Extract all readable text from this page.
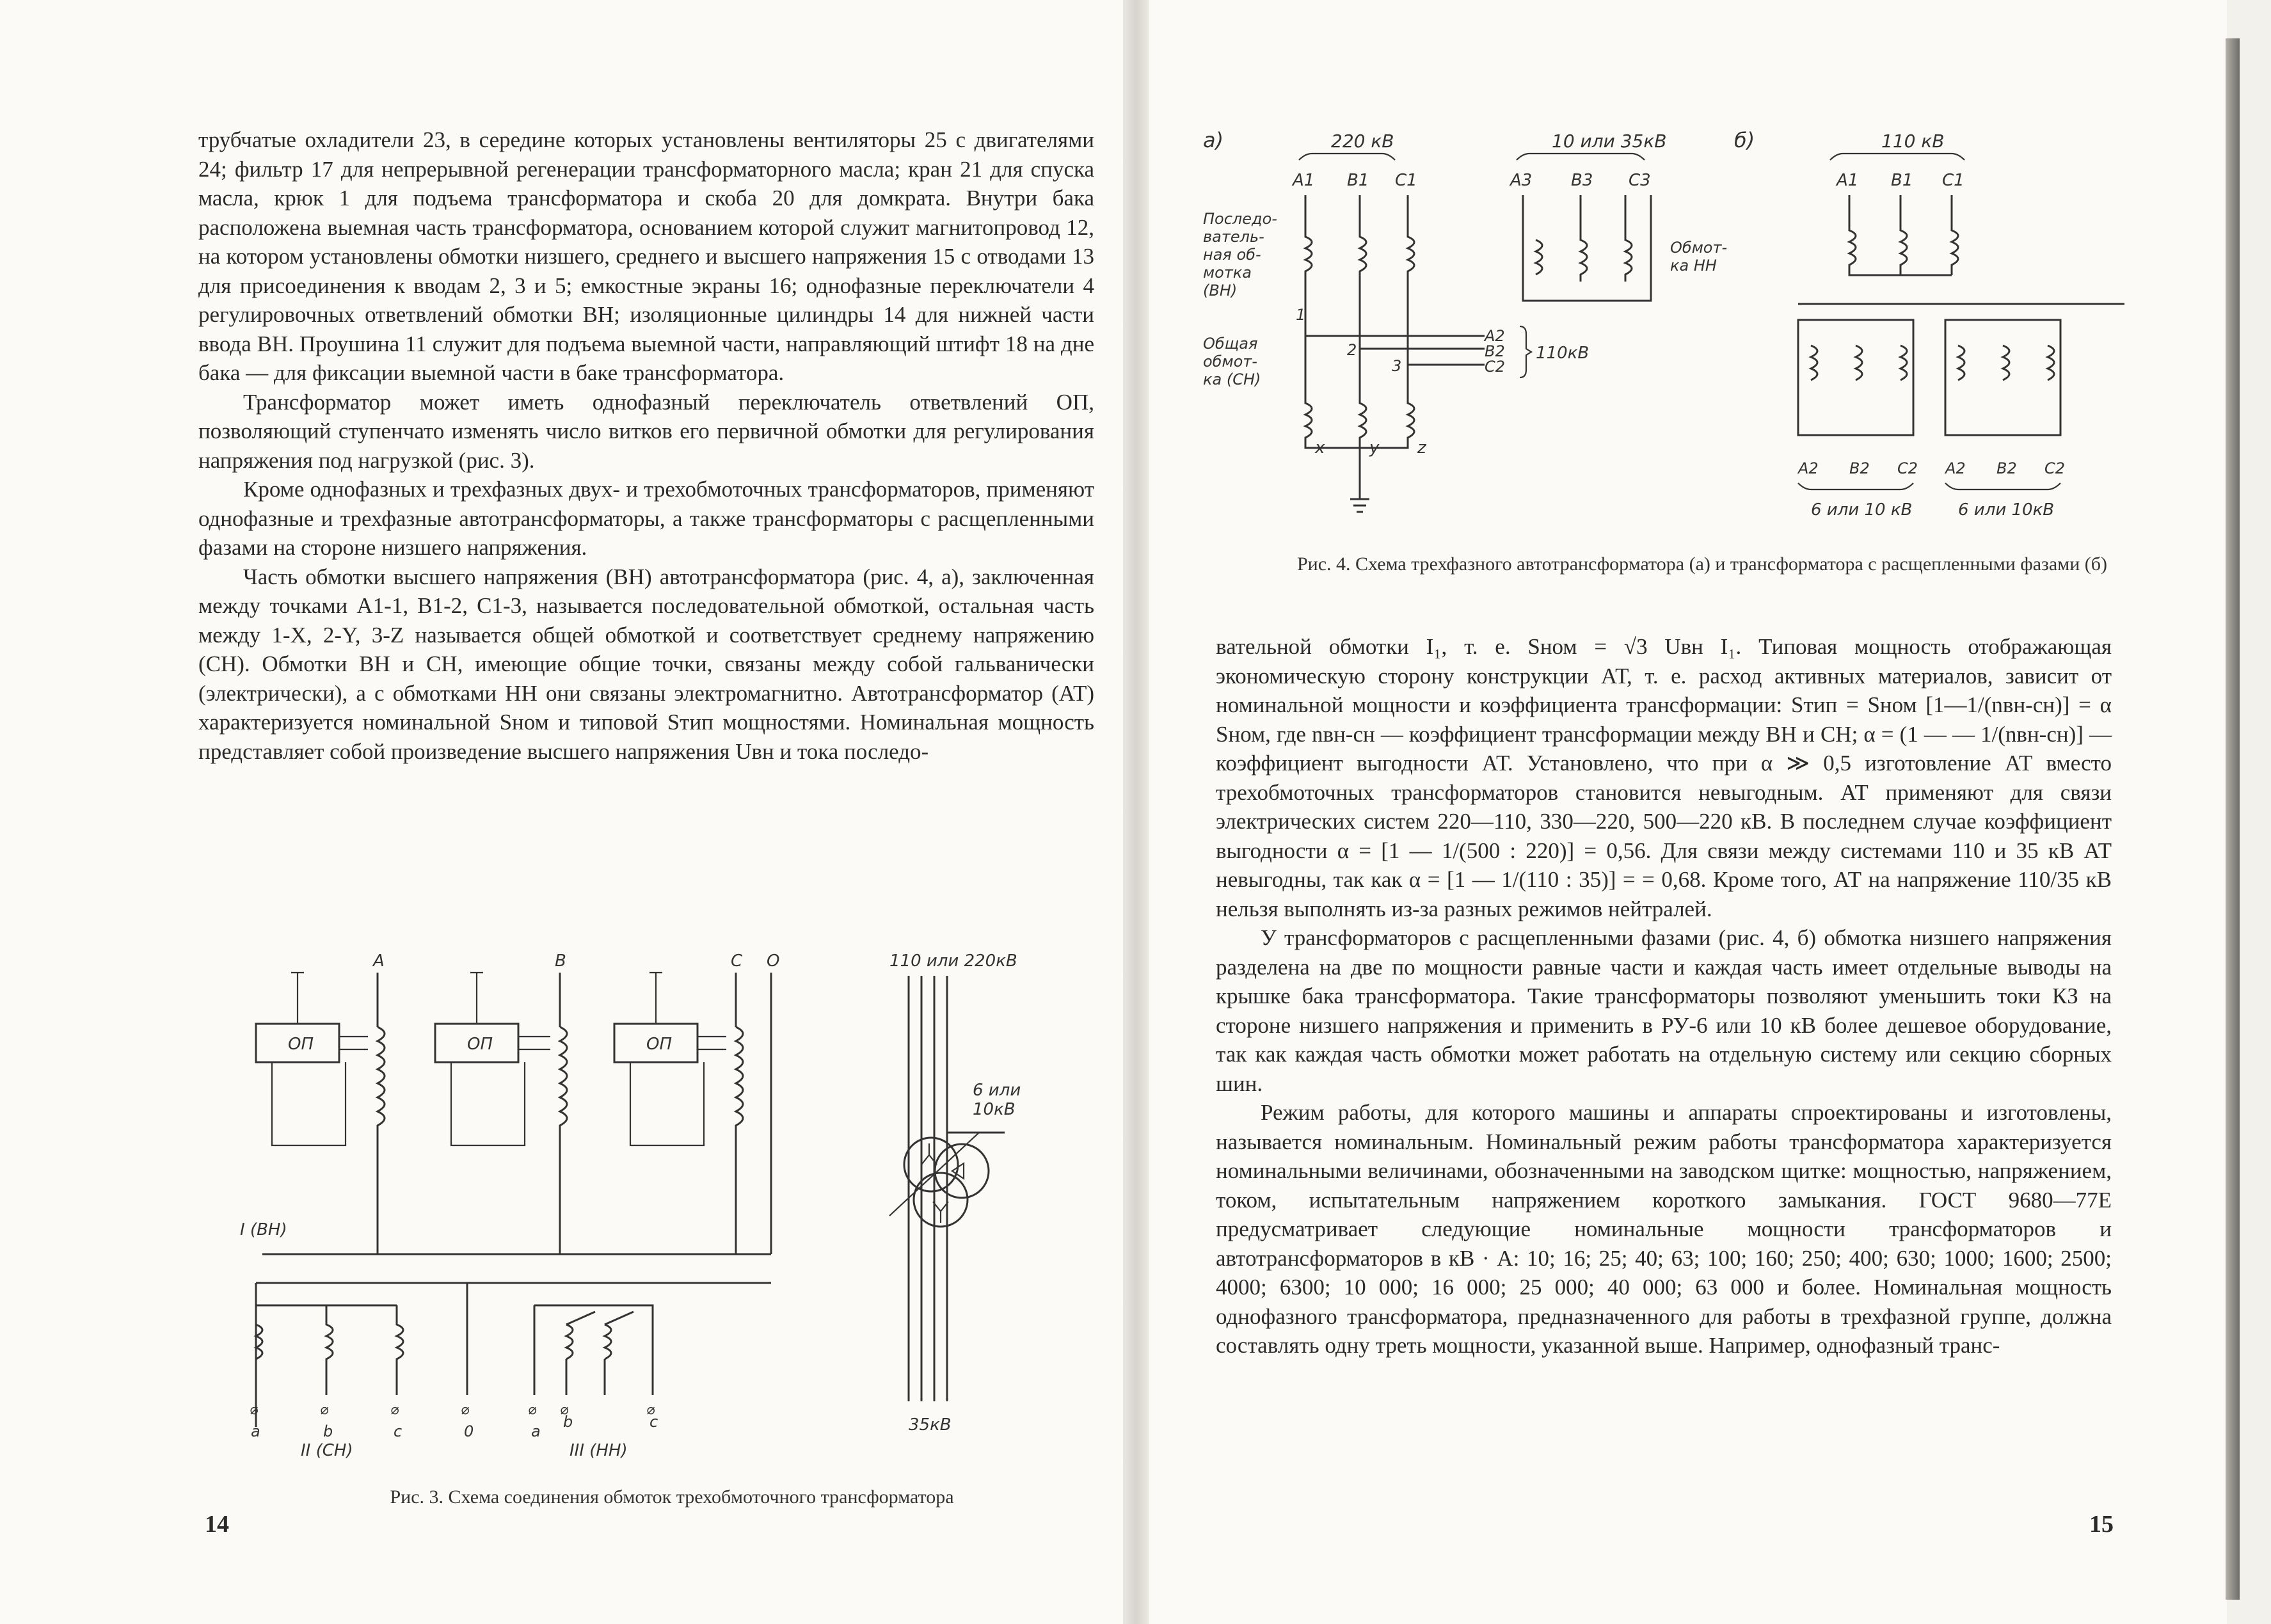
трубчатые охладители 23, в середине которых установлены вентиляторы 25 с двигателями 24; фильтр 17 для непрерывной регенерации трансформаторного масла; кран 21 для спуска масла, крюк 1 для подъема трансформатора и скоба 20 для домкрата. Внутри бака расположена выемная часть трансформатора, основанием которой служит магнитопровод 12, на котором установлены обмотки низшего, среднего и высшего напряжения 15 с отводами 13 для присоединения к вводам 2, 3 и 5; емкостные экраны 16; однофазные переключатели 4 регулировочных ответвлений обмотки ВН; изоляционные цилиндры 14 для нижней части ввода ВН. Проушина 11 служит для подъема выемной части, направляющий штифт 18 на дне бака — для фиксации выемной части в баке трансформатора.

Трансформатор может иметь однофазный переключатель ответвлений ОП, позволяющий ступенчато изменять число витков его первичной обмотки для регулирования напряжения под нагрузкой (рис. 3).

Кроме однофазных и трехфазных двух- и трехобмоточных трансформаторов, применяют однофазные и трехфазные автотрансформаторы, а также трансформаторы с расщепленными фазами на стороне низшего напряжения.

Часть обмотки высшего напряжения (ВН) автотрансформатора (рис. 4, а), заключенная между точками A1-1, B1-2, C1-3, называется последовательной обмоткой, остальная часть между 1-X, 2-Y, 3-Z называется общей обмоткой и соответствует среднему напряжению (СН). Обмотки ВН и СН, имеющие общие точки, связаны между собой гальванически (электрически), а с обмотками НН они связаны электромагнитно. Автотрансформатор (АТ) характеризуется номинальной Sном и типовой Sтип мощностями. Номинальная мощность представляет собой произведение высшего напряжения Uвн и тока последо-

ОП	ОП	ОП
A	B	C O
I (ВН)
⌀	⌀	⌀	⌀	⌀ ⌀	⌀
a	b	c	0	a
b	c
II (СН)	III (НН)
110 или 220кВ
6 или
10кВ
35кВ
Рис. 3. Схема соединения обмоток трехобмоточного трансформатора
14
а)	220 кВ	10 или 35кВ
A1 B1 C1	A3 B3 C3
A2
B2
C2
110кВ
1
2
3
x	y z
Последо-
ватель-
ная об-
мотка
(ВН)
Общая
обмот-
ка (СН)
Обмот-
ка НН
б)	110 кВ
A1 B1 C1
A2 B2 C2 A2 B2 C2
6 или 10 кВ	6 или 10кВ
Рис. 4. Схема трехфазного автотрансформатора (а) и трансформатора с расщепленными фазами (б)

вательной обмотки I₁, т. е. Sном = √3 Uвн I₁. Типовая мощность отображающая экономическую сторону конструкции АТ, т. е. расход активных материалов, зависит от номинальной мощности и коэффициента трансформации: Sтип = Sном [1—1/(nвн-сн)] = α Sном, где nвн-сн — коэффициент трансформации между ВН и СН; α = (1 — — 1/(nвн-сн)] — коэффициент выгодности АТ. Установлено, что при α ≫ 0,5 изготовление АТ вместо трехобмоточных трансформаторов становится невыгодным. АТ применяют для связи электрических систем 220—110, 330—220, 500—220 кВ. В последнем случае коэффициент выгодности α = [1 — 1/(500 : 220)] = 0,56. Для связи между системами 110 и 35 кВ АТ невыгодны, так как α = [1 — 1/(110 : 35)] = = 0,68. Кроме того, АТ на напряжение 110/35 кВ нельзя выполнять из-за разных режимов нейтралей.

У трансформаторов с расщепленными фазами (рис. 4, б) обмотка низшего напряжения разделена на две по мощности равные части и каждая часть имеет отдельные выводы на крышке бака трансформатора. Такие трансформаторы позволяют уменьшить токи КЗ на стороне низшего напряжения и применить в РУ-6 или 10 кВ более дешевое оборудование, так как каждая часть обмотки может работать на отдельную систему или секцию сборных шин.

Режим работы, для которого машины и аппараты спроектированы и изготовлены, называется номинальным. Номинальный режим работы трансформатора характеризуется номинальными величинами, обозначенными на заводском щитке: мощностью, напряжением, током, испытательным напряжением короткого замыкания. ГОСТ 9680—77Е предусматривает следующие номинальные мощности трансформаторов и автотрансформаторов в кВ · А: 10; 16; 25; 40; 63; 100; 160; 250; 400; 630; 1000; 1600; 2500; 4000; 6300; 10 000; 16 000; 25 000; 40 000; 63 000 и более. Номинальная мощность однофазного трансформатора, предназначенного для работы в трехфазной группе, должна составлять одну треть мощности, указанной выше. Например, однофазный транс-

15
